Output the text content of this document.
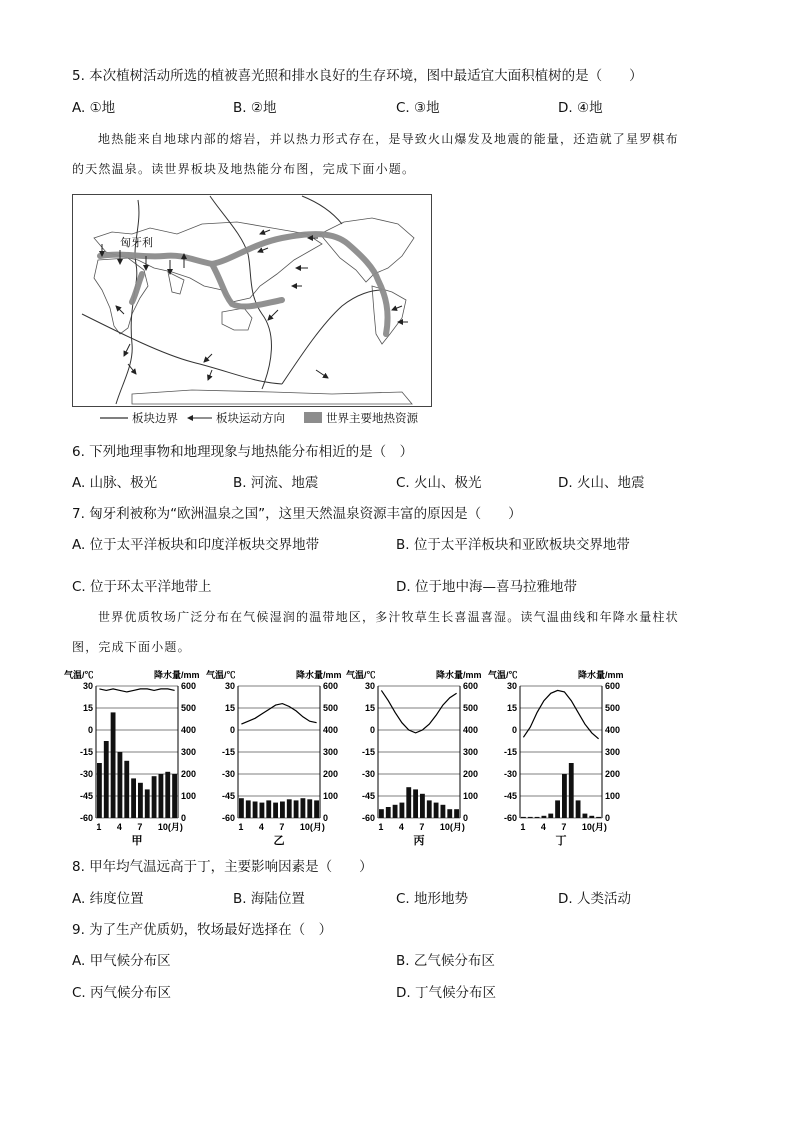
5. 本次植树活动所选的植被喜光照和排水良好的生存环境，图中最适宜大面积植树的是（　　）
A. ①地	B. ②地	C. ③地	D. ④地
地热能来自地球内部的熔岩，并以热力形式存在，是导致火山爆发及地震的能量，还造就了星罗棋布
的天然温泉。读世界板块及地热能分布图，完成下面小题。
匈牙利
板块边界	板块运动方向	世界主要地热资源
6. 下列地理事物和地理现象与地热能分布相近的是（　）
A. 山脉、极光	B. 河流、地震	C. 火山、极光	D. 火山、地震
7. 匈牙利被称为“欧洲温泉之国”，这里天然温泉资源丰富的原因是（　　）
A. 位于太平洋板块和印度洋板块交界地带	B. 位于太平洋板块和亚欧板块交界地带
C. 位于环太平洋地带上	D. 位于地中海—喜马拉雅地带
世界优质牧场广泛分布在气候湿润的温带地区，多汁牧草生长喜温喜湿。读气温曲线和年降水量柱状
图，完成下面小题。
气温/℃	降水量/mm
30	600
15	500
0	400
-15	300
-30	200
-45	100
-60	0
1 4 7 10(月)
甲
气温/℃	降水量/mm
30	600
15	500
0	400
-15	300
-30	200
-45	100
-60	0
1 4 7 10(月)
乙
气温/℃	降水量/mm
30	600
15	500
0	400
-15	300
-30	200
-45	100
-60	0
1 4 7 10(月)
丙
气温/℃	降水量/mm
30	600
15	500
0	400
-15	300
-30	200
-45	100
-60	0
1 4 7 10(月)
丁
8. 甲年均气温远高于丁，主要影响因素是（　　）
A. 纬度位置	B. 海陆位置	C. 地形地势	D. 人类活动
9. 为了生产优质奶，牧场最好选择在（　）
A. 甲气候分布区	B. 乙气候分布区
C. 丙气候分布区	D. 丁气候分布区
